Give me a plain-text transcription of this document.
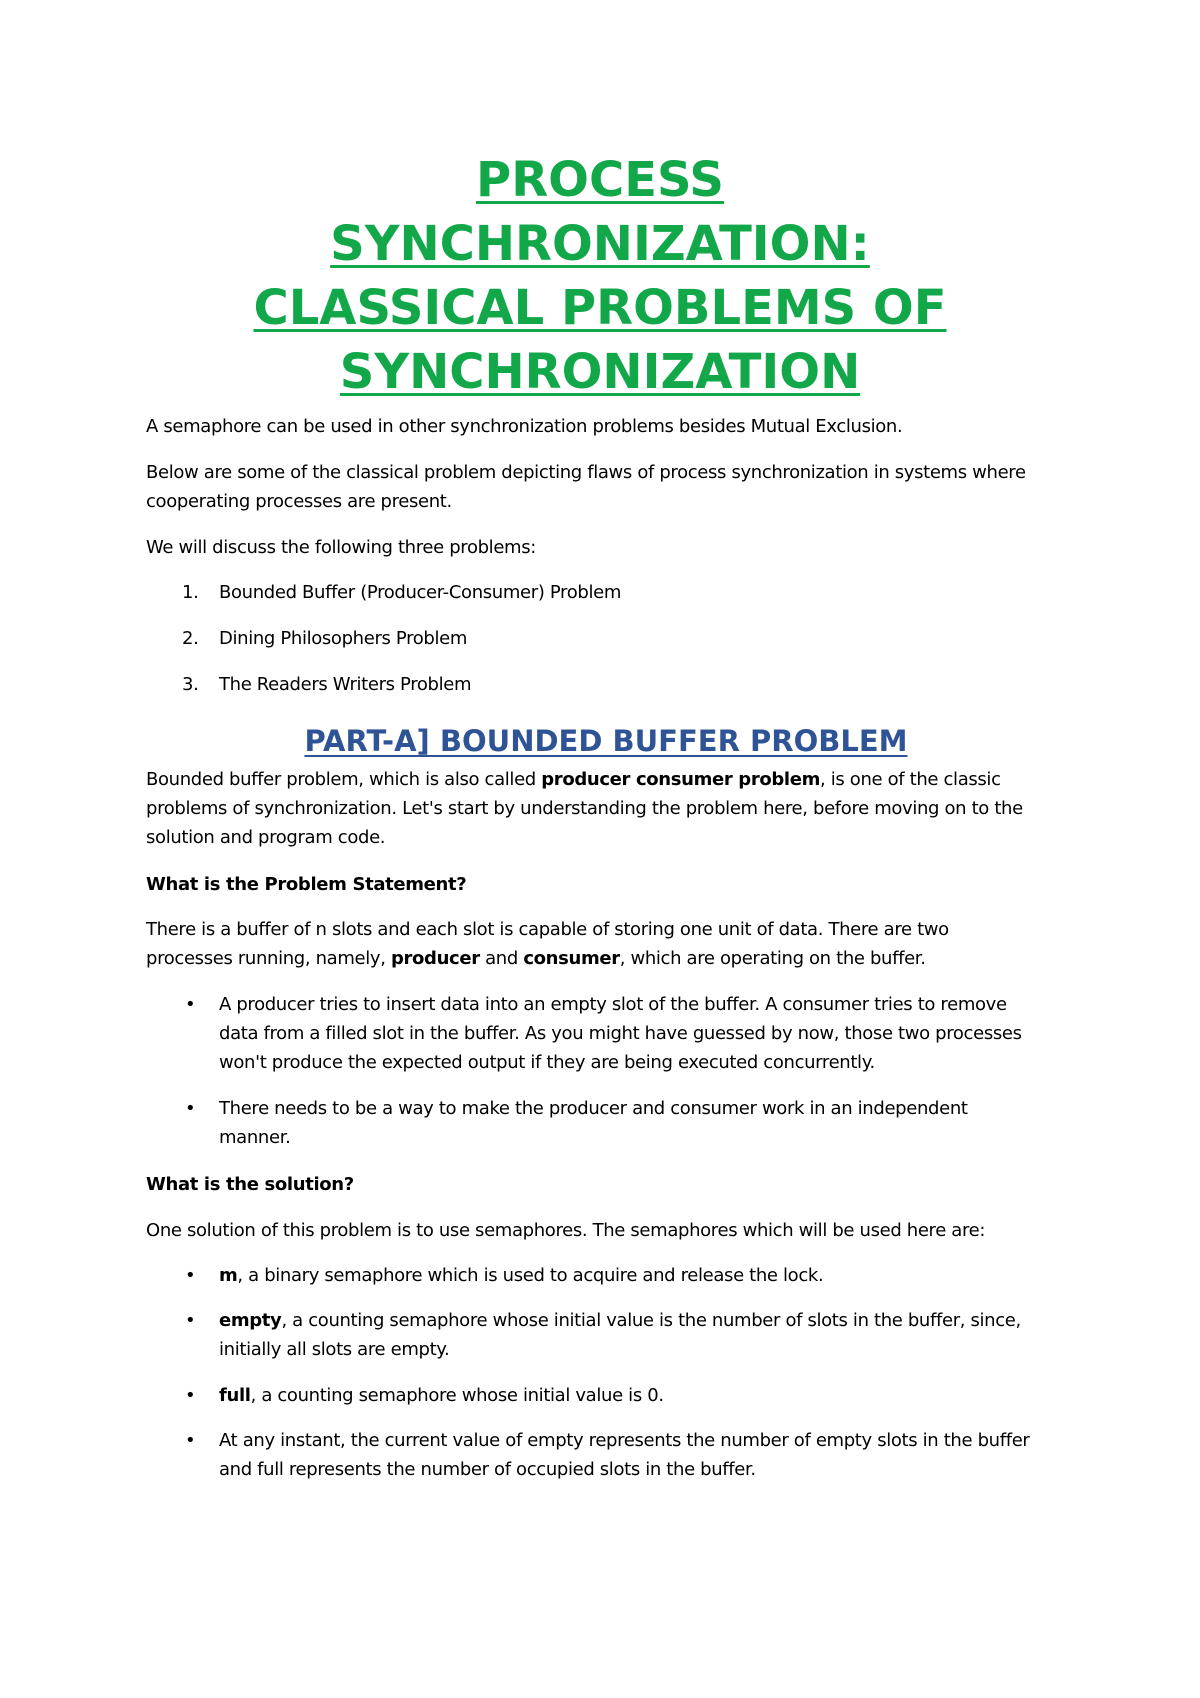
PROCESS
SYNCHRONIZATION:
CLASSICAL PROBLEMS OF
SYNCHRONIZATION

A semaphore can be used in other synchronization problems besides Mutual Exclusion.

Below are some of the classical problem depicting flaws of process synchronization in systems where
cooperating processes are present.

We will discuss the following three problems:

1.	Bounded Buffer (Producer-Consumer) Problem
2.	Dining Philosophers Problem
3.	The Readers Writers Problem
PART-A] BOUNDED BUFFER PROBLEM
Bounded buffer problem, which is also called producer consumer problem, is one of the classic
problems of synchronization. Let's start by understanding the problem here, before moving on to the
solution and program code.
What is the Problem Statement?
There is a buffer of n slots and each slot is capable of storing one unit of data. There are two
processes running, namely, producer and consumer, which are operating on the buffer.
• A producer tries to insert data into an empty slot of the buffer. A consumer tries to remove
data from a filled slot in the buffer. As you might have guessed by now, those two processes
won't produce the expected output if they are being executed concurrently.
• There needs to be a way to make the producer and consumer work in an independent
manner.
What is the solution?

One solution of this problem is to use semaphores. The semaphores which will be used here are:

• m, a binary semaphore which is used to acquire and release the lock.
• empty, a counting semaphore whose initial value is the number of slots in the buffer, since,
initially all slots are empty.
• full, a counting semaphore whose initial value is 0.
• At any instant, the current value of empty represents the number of empty slots in the buffer
and full represents the number of occupied slots in the buffer.
